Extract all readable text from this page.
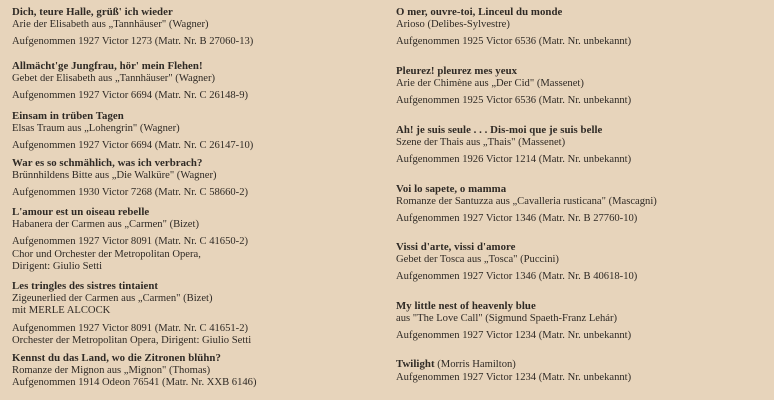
Dich, teure Halle, grüß' ich wieder
Arie der Elisabeth aus „Tannhäuser" (Wagner)
Aufgenommen 1927 Victor 1273 (Matr. Nr. B 27060-13)
Allmächt'ge Jungfrau, hör' mein Flehen!
Gebet der Elisabeth aus „Tannhäuser" (Wagner)
Aufgenommen 1927 Victor 6694 (Matr. Nr. C 26148-9)
Einsam in trüben Tagen
Elsas Traum aus „Lohengrin" (Wagner)
Aufgenommen 1927 Victor 6694 (Matr. Nr. C 26147-10)
War es so schmählich, was ich verbrach?
Brünnhildens Bitte aus „Die Walküre" (Wagner)
Aufgenommen 1930 Victor 7268 (Matr. Nr. C 58660-2)
L'amour est un oiseau rebelle
Habanera der Carmen aus „Carmen" (Bizet)
Aufgenommen 1927 Victor 8091 (Matr. Nr. C 41650-2)
Chor und Orchester der Metropolitan Opera,
Dirigent: Giulio Setti
Les tringles des sistres tintaient
Zigeunerlied der Carmen aus „Carmen" (Bizet)
mit MERLE ALCOCK
Aufgenommen 1927 Victor 8091 (Matr. Nr. C 41651-2)
Orchester der Metropolitan Opera, Dirigent: Giulio Setti
Kennst du das Land, wo die Zitronen blühn?
Romanze der Mignon aus „Mignon" (Thomas)
Aufgenommen 1914 Odeon 76541 (Matr. Nr. XXB 6146)
O mer, ouvre-toi, Linceul du monde
Arioso (Delibes-Sylvestre)
Aufgenommen 1925 Victor 6536 (Matr. Nr. unbekannt)
Pleurez! pleurez mes yeux
Arie der Chimène aus „Der Cid" (Massenet)
Aufgenommen 1925 Victor 6536 (Matr. Nr. unbekannt)
Ah! je suis seule . . . Dis-moi que je suis belle
Szene der Thais aus „Thais" (Massenet)
Aufgenommen 1926 Victor 1214 (Matr. Nr. unbekannt)
Voi lo sapete, o mamma
Romanze der Santuzza aus „Cavalleria rusticana" (Mascagni)
Aufgenommen 1927 Victor 1346 (Matr. Nr. B 27760-10)
Vissi d'arte, vissi d'amore
Gebet der Tosca aus „Tosca" (Puccini)
Aufgenommen 1927 Victor 1346 (Matr. Nr. B 40618-10)
My little nest of heavenly blue
aus "The Love Call" (Sigmund Spaeth-Franz Lehár)
Aufgenommen 1927 Victor 1234 (Matr. Nr. unbekannt)
Twilight (Morris Hamilton)
Aufgenommen 1927 Victor 1234 (Matr. Nr. unbekannt)
